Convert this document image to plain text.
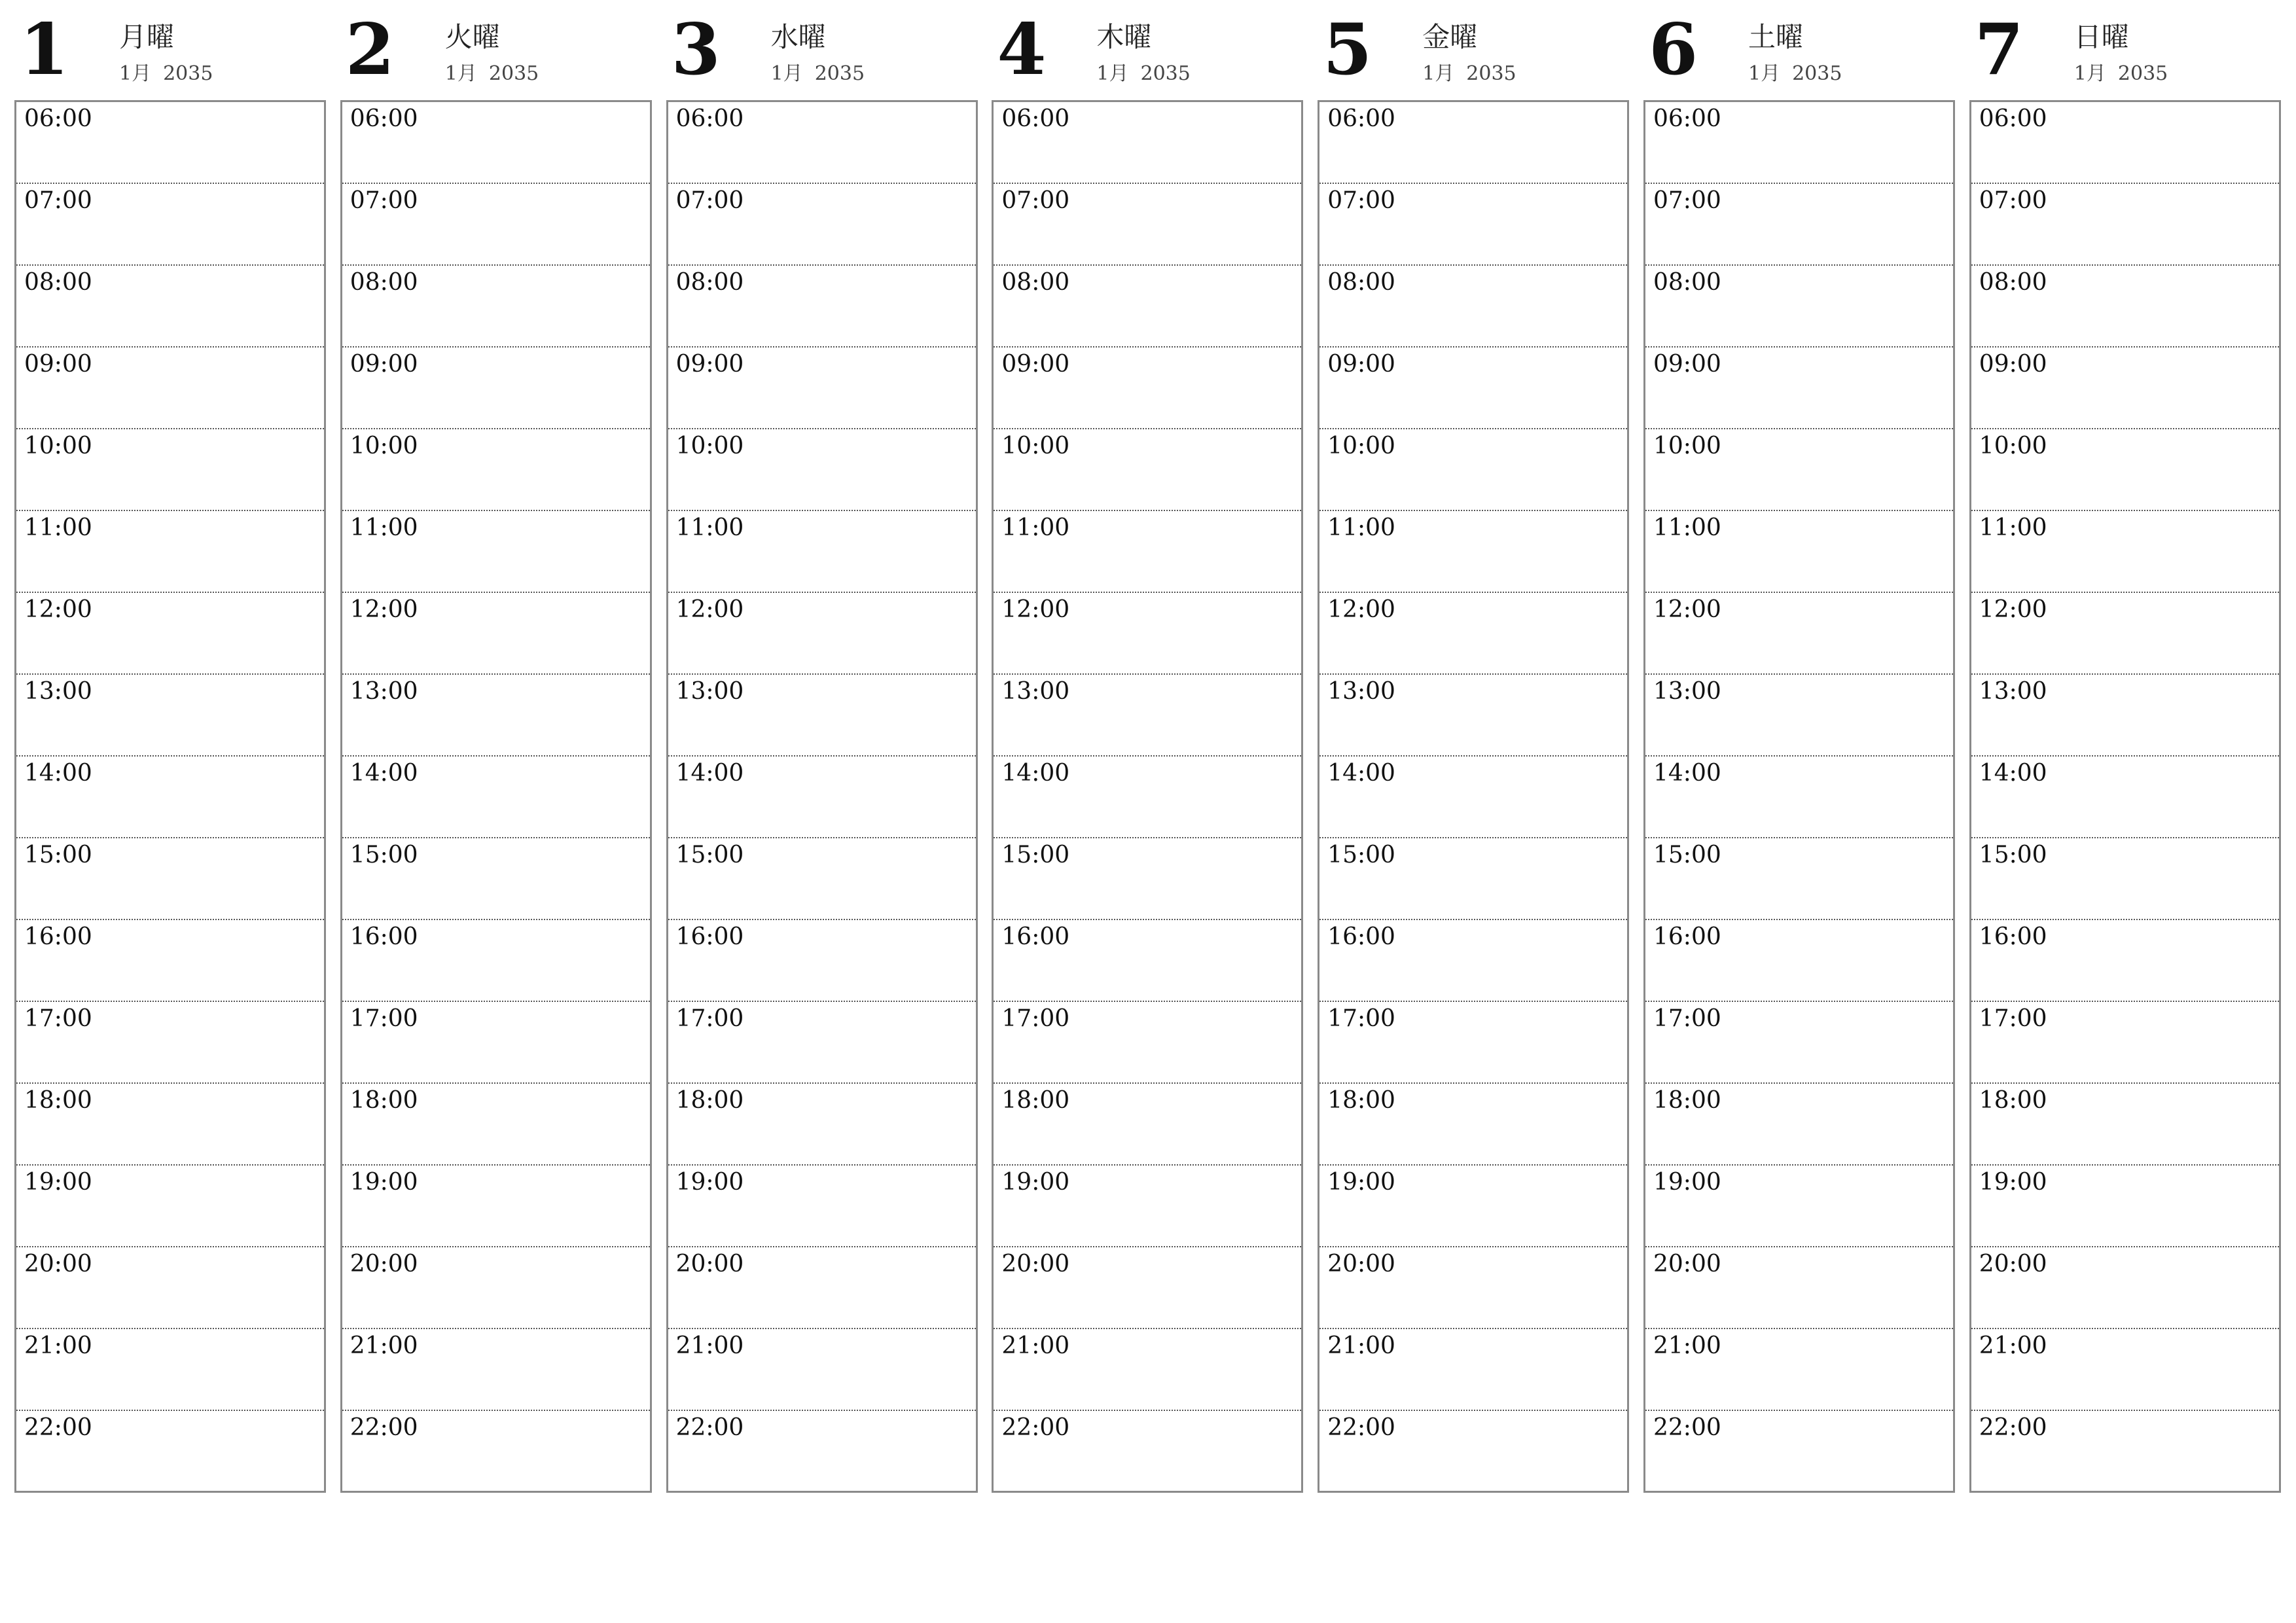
1 月曜
1月 2035
06:00
07:00
08:00
09:00
10:00
11:00
12:00
13:00
14:00
15:00
16:00
17:00
18:00
19:00
20:00
21:00
22:00
2 火曜
1月 2035
06:00
07:00
08:00
09:00
10:00
11:00
12:00
13:00
14:00
15:00
16:00
17:00
18:00
19:00
20:00
21:00
22:00
3 水曜
1月 2035
06:00
07:00
08:00
09:00
10:00
11:00
12:00
13:00
14:00
15:00
16:00
17:00
18:00
19:00
20:00
21:00
22:00
4 木曜
1月 2035
06:00
07:00
08:00
09:00
10:00
11:00
12:00
13:00
14:00
15:00
16:00
17:00
18:00
19:00
20:00
21:00
22:00
5 金曜
1月 2035
06:00
07:00
08:00
09:00
10:00
11:00
12:00
13:00
14:00
15:00
16:00
17:00
18:00
19:00
20:00
21:00
22:00
6 土曜
1月 2035
06:00
07:00
08:00
09:00
10:00
11:00
12:00
13:00
14:00
15:00
16:00
17:00
18:00
19:00
20:00
21:00
22:00
7 日曜
1月 2035
06:00
07:00
08:00
09:00
10:00
11:00
12:00
13:00
14:00
15:00
16:00
17:00
18:00
19:00
20:00
21:00
22:00
